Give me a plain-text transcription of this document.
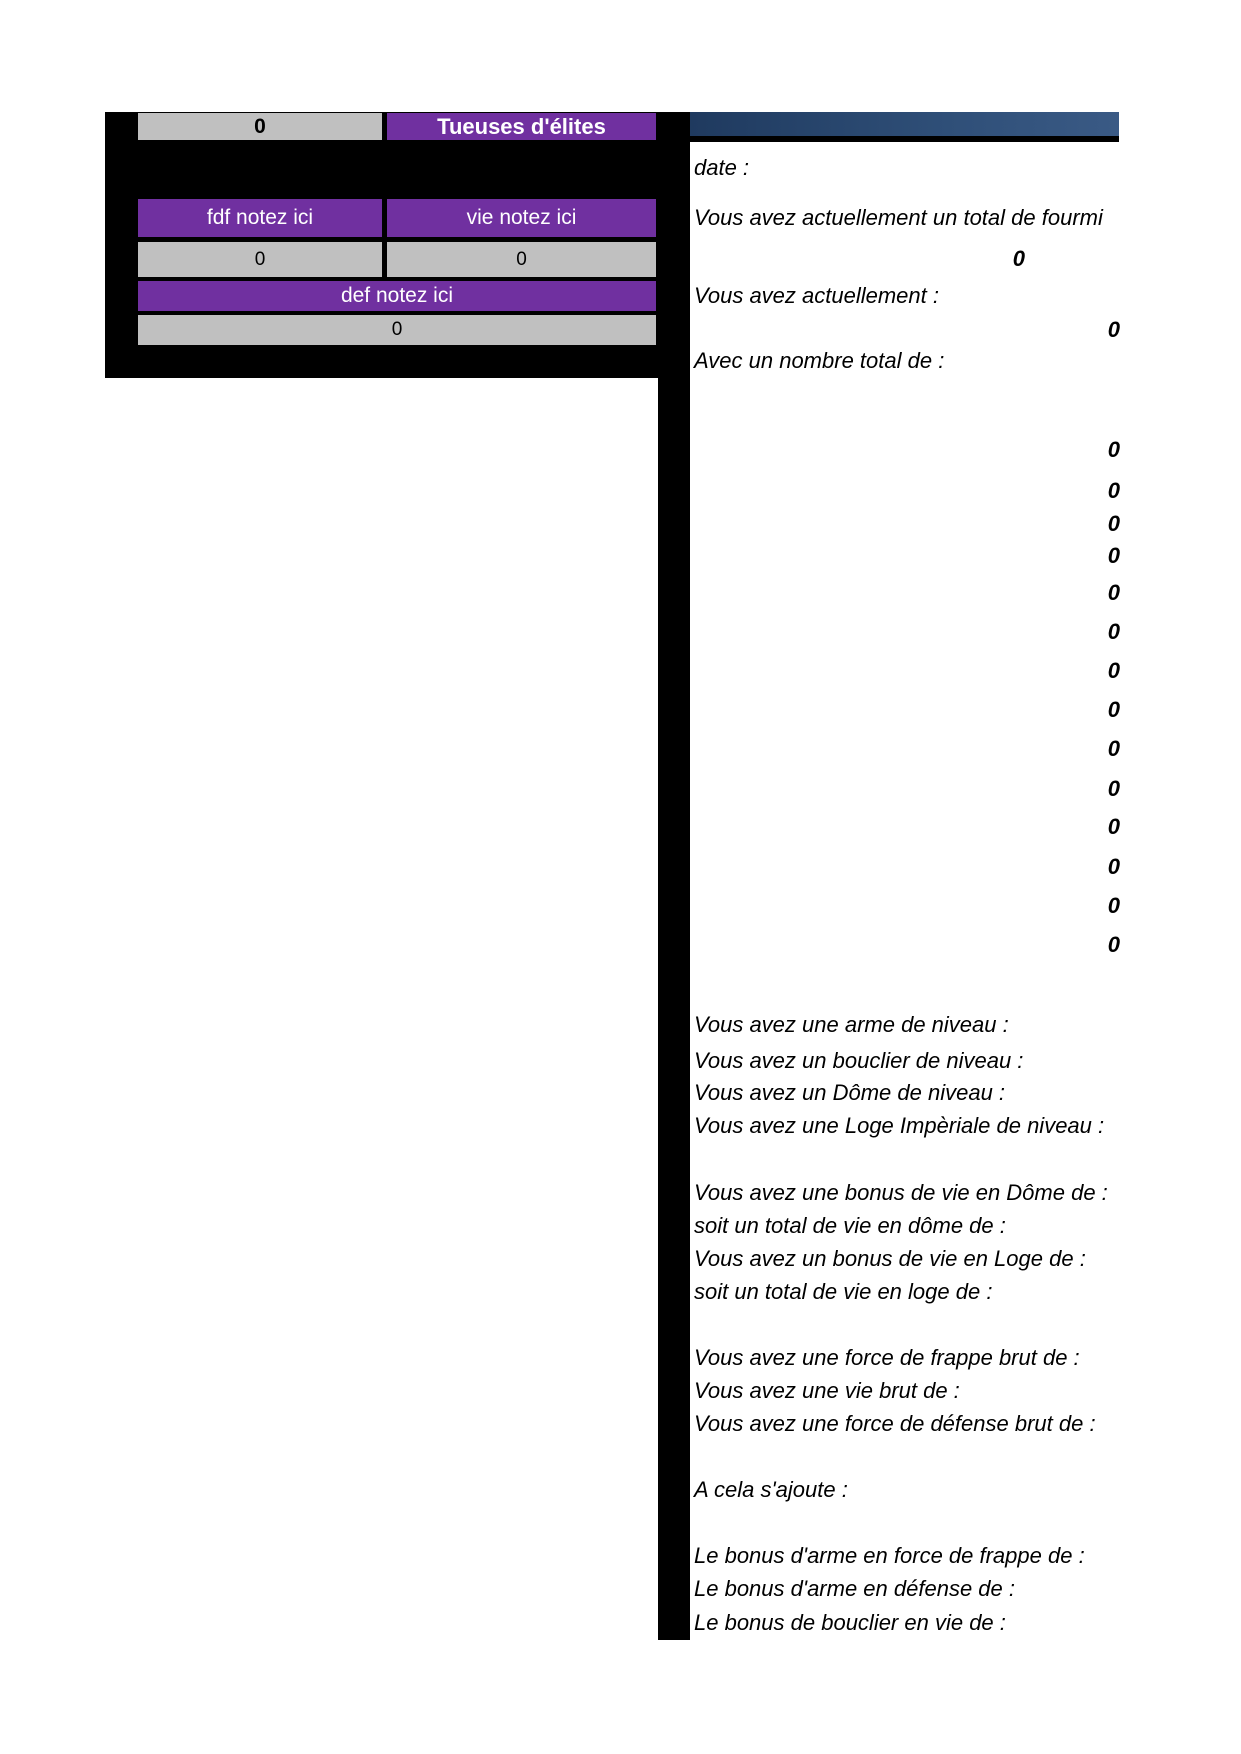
0	Tueuses d'élites
fdf notez ici	vie notez ici
0	0
def notez ici
0
date :
Vous avez actuellement un total de fourmi
0
Vous avez actuellement :
0
Avec un nombre total de :
0
0
0
0
0
0
0
0
0
0
0
0
0
0
Vous avez une arme de niveau :
Vous avez un bouclier de niveau :
Vous avez un Dôme de niveau :
Vous avez une Loge Impèriale de niveau :
Vous avez une bonus de vie en Dôme de :
soit un total de vie en dôme de :
Vous avez un bonus de vie en Loge de :
soit un total de vie en loge de :
Vous avez une force de frappe brut de :
Vous avez une vie brut de :
Vous avez une force de défense brut de :
A cela s'ajoute :
Le bonus d'arme en force de frappe de :
Le bonus d'arme en défense de :
Le bonus de bouclier en vie de :
